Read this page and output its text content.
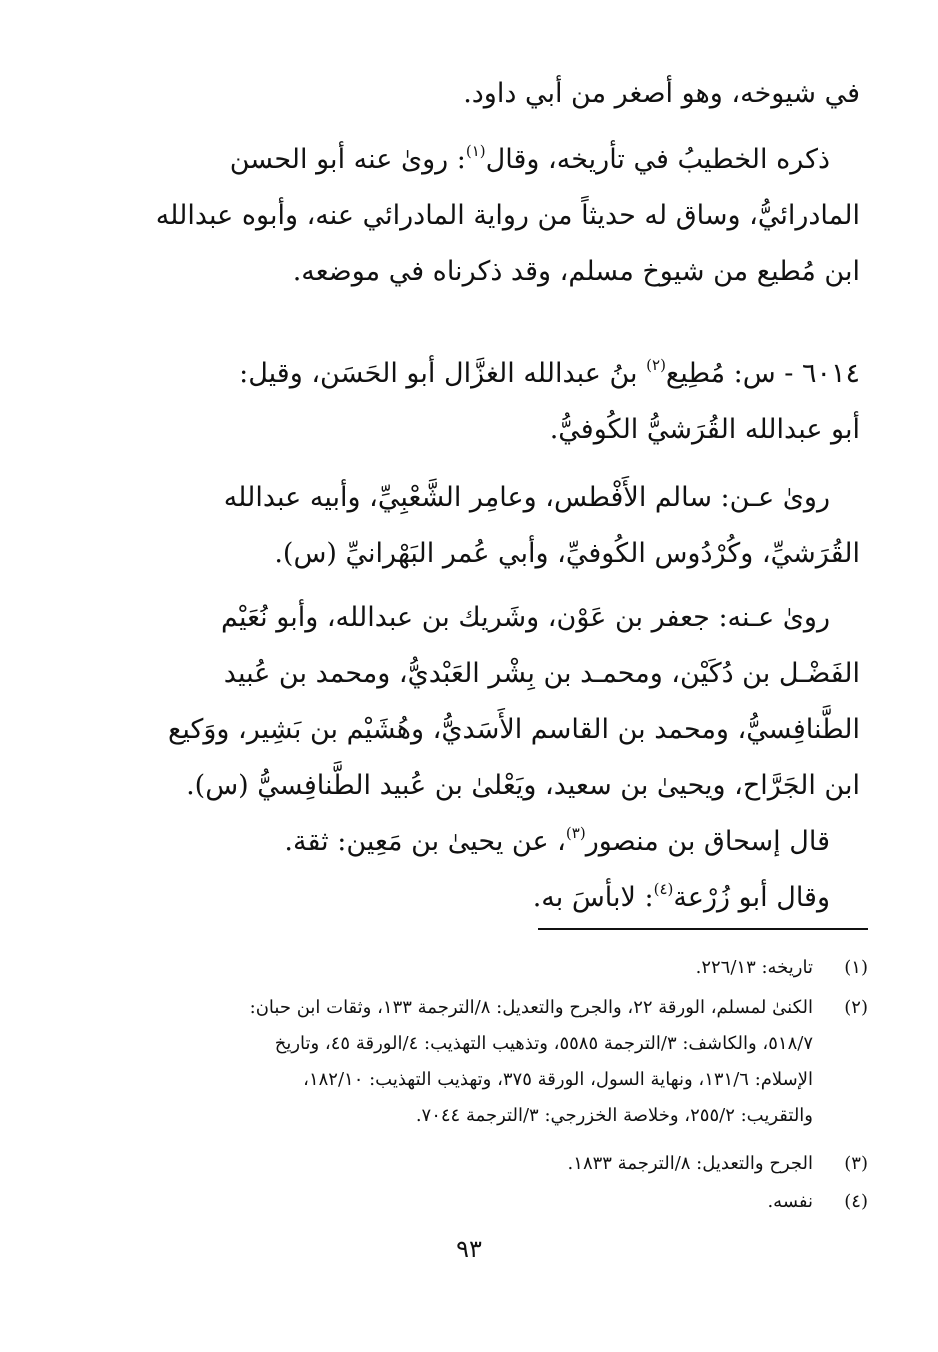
في شيوخه، وهو أصغر من أبي داود.
ذكره الخطيبُ في تأريخه، وقال$^{(١)}$: روىٰ عنه أبو الحسن
المادرائيُّ، وساق له حديثاً من رواية المادرائي عنه، وأبوه عبدالله
ابن مُطيع من شيوخ مسلم، وقد ذكرناه في موضعه.
٦٠١٤ - س: مُطِيع$^{(٢)}$ بنُ عبدالله الغزَّال أبو الحَسَن، وقيل:
أبو عبدالله القُرَشيُّ الكُوفيُّ.
روىٰ عـن: سالم الأَفْطس، وعامِر الشَّعْبِيِّ، وأبيه عبدالله
القُرَشيِّ، وكُرْدُوس الكُوفيِّ، وأبي عُمر البَهْرانيِّ (س).
روىٰ عـنه: جعفر بن عَوْن، وشَريك بن عبدالله، وأبو نُعَيْم
الفَضْـل بن دُكَيْن، ومحمـد بن بِشْر العَبْديُّ، ومحمد بن عُبيد
الطَّنافِسيُّ، ومحمد بن القاسم الأَسَديُّ، وهُشَيْم بن بَشِير، ووَكيع
ابن الجَرَّاح، ويحيىٰ بن سعيد، ويَعْلىٰ بن عُبيد الطَّنافِسيُّ (س).
قال إسحاق بن منصور$^{(٣)}$، عن يحيىٰ بن مَعِين: ثقة.
وقال أبو زُرْعة$^{(٤)}$: لابأسَ به.
(١)
تاريخه: ٢٢٦/١٣.
(٢)
الكنىٰ لمسلم، الورقة ٢٢، والجرح والتعديل: ٨/الترجمة ١٣٣، وثقات ابن حبان:
٥١٨/٧، والكاشف: ٣/الترجمة ٥٥٨٥، وتذهيب التهذيب: ٤/الورقة ٤٥، وتاريخ
الإسلام: ١٣١/٦، ونهاية السول، الورقة ٣٧٥، وتهذيب التهذيب: ١٨٢/١٠،
والتقريب: ٢٥٥/٢، وخلاصة الخزرجي: ٣/الترجمة ٧٠٤٤.
(٣)
الجرح والتعديل: ٨/الترجمة ١٨٣٣.
(٤)
نفسه.
٩٣
